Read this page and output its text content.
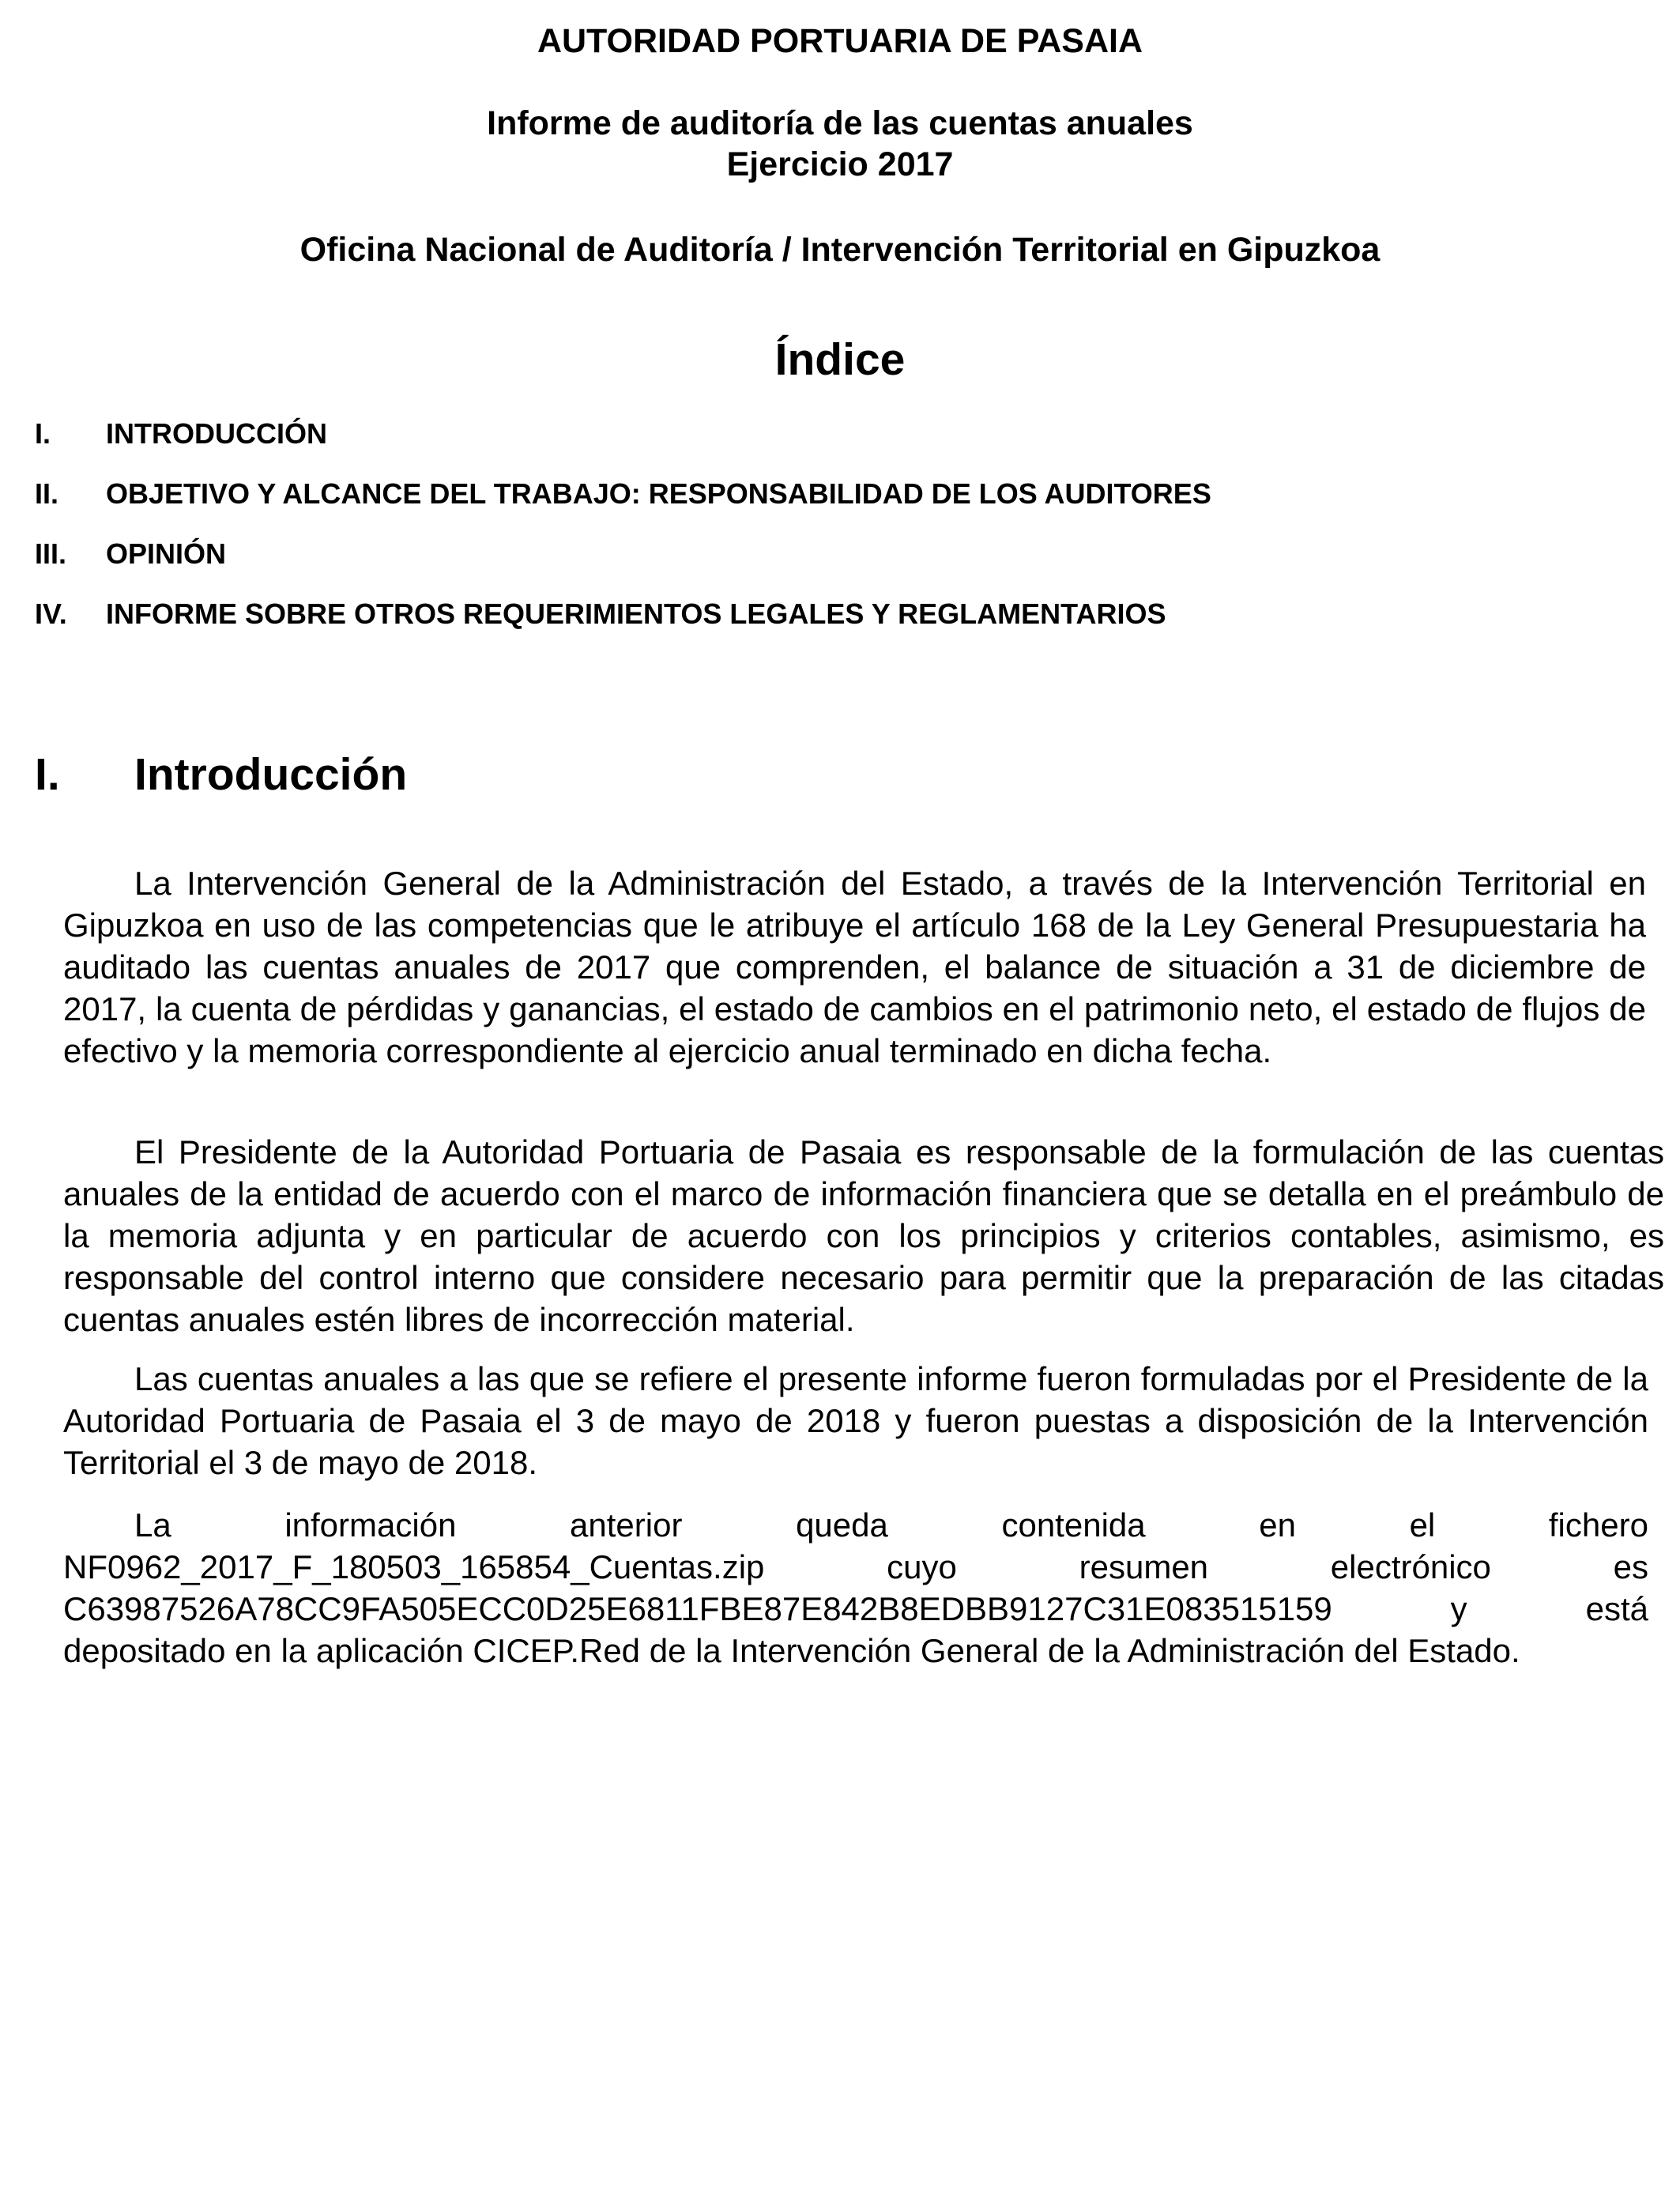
AUTORIDAD PORTUARIA DE PASAIA
Informe de auditoría de las cuentas anuales
Ejercicio 2017
Oficina Nacional de Auditoría / Intervención Territorial en Gipuzkoa
Índice
I. INTRODUCCIÓN
II. OBJETIVO Y ALCANCE DEL TRABAJO: RESPONSABILIDAD DE LOS AUDITORES
III. OPINIÓN
IV. INFORME SOBRE OTROS REQUERIMIENTOS LEGALES Y REGLAMENTARIOS
I. Introducción

La Intervención General de la Administración del Estado, a través de la Intervención Territorial en Gipuzkoa en uso de las competencias que le atribuye el artículo 168 de la Ley General Presupuestaria ha auditado las cuentas anuales de 2017 que comprenden, el balance de situación a 31 de diciembre de 2017, la cuenta de pérdidas y ganancias, el estado de cambios en el patrimonio neto, el estado de flujos de efectivo y la memoria correspondiente al ejercicio anual terminado en dicha fecha.

El Presidente de la Autoridad Portuaria de Pasaia es responsable de la formulación de las cuentas anuales de la entidad de acuerdo con el marco de información financiera que se detalla en el preámbulo de la memoria adjunta y en particular de acuerdo con los principios y criterios contables, asimismo, es responsable del control interno que considere necesario para permitir que la preparación de las citadas cuentas anuales estén libres de incorrección material.

Las cuentas anuales a las que se refiere el presente informe fueron formuladas por el Presidente de la Autoridad Portuaria de Pasaia el 3 de mayo de 2018 y fueron puestas a disposición de la Intervención Territorial el 3 de mayo de 2018.

La	información	anterior	queda	contenida	en	el	fichero
NF0962_2017_F_180503_165854_Cuentas.zip	cuyo	resumen	electrónico	es
C63987526A78CC9FA505ECC0D25E6811FBE87E842B8EDBB9127C31E083515159	y	está
depositado en la aplicación CICEP.Red de la Intervención General de la Administración del Estado.
